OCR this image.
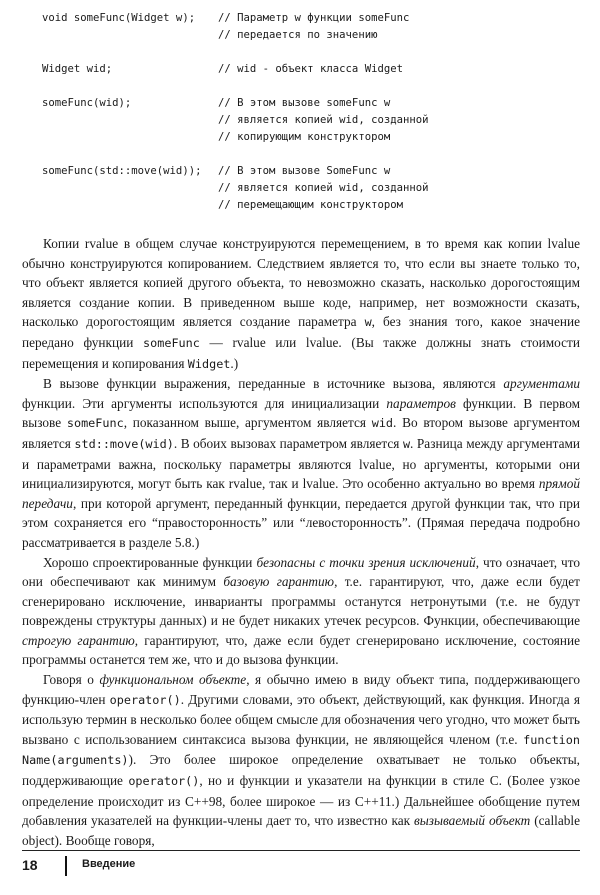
void someFunc(Widget w);	// Параметр w функции someFunc
// передается по значению
Widget wid;	// wid - объект класса Widget
someFunc(wid);	// В этом вызове someFunc w
// является копией wid, созданной
// копирующим конструктором
someFunc(std::move(wid));	// В этом вызове SomeFunc w
// является копией wid, созданной
// перемещающим конструктором

Копии rvalue в общем случае конструируются перемещением, в то время как копии lvalue обычно конструируются копированием. Следствием является то, что если вы знаете только то, что объект является копией другого объекта, то невозможно сказать, насколько дорогостоящим является создание копии. В приведенном выше коде, например, нет возможности сказать, насколько дорогостоящим является создание параметра w, без знания того, какое значение передано функции someFunc — rvalue или lvalue. (Вы также должны знать стоимости перемещения и копирования Widget.)

В вызове функции выражения, переданные в источнике вызова, являются аргументами функции. Эти аргументы используются для инициализации параметров функции. В первом вызове someFunc, показанном выше, аргументом является wid. Во втором вызове аргументом является std::move(wid). В обоих вызовах параметром является w. Разница между аргументами и параметрами важна, поскольку параметры являются lvalue, но аргументы, которыми они инициализируются, могут быть как rvalue, так и lvalue. Это особенно актуально во время прямой передачи, при которой аргумент, переданный функции, передается другой функции так, что при этом сохраняется его “правосторонность” или “левосторонность”. (Прямая передача подробно рассматривается в разделе 5.8.)

Хорошо спроектированные функции безопасны с точки зрения исключений, что означает, что они обеспечивают как минимум базовую гарантию, т.е. гарантируют, что, даже если будет сгенерировано исключение, инварианты программы останутся нетронутыми (т.е. не будут повреждены структуры данных) и не будет никаких утечек ресурсов. Функции, обеспечивающие строгую гарантию, гарантируют, что, даже если будет сгенерировано исключение, состояние программы останется тем же, что и до вызова функции.

Говоря о функциональном объекте, я обычно имею в виду объект типа, поддерживающего функцию-член operator(). Другими словами, это объект, действующий, как функция. Иногда я использую термин в несколько более общем смысле для обозначения чего угодно, что может быть вызвано с использованием синтаксиса вызова функции, не являющейся членом (т.е. function Name(arguments)). Это более широкое определение охватывает не только объекты, поддерживающие operator(), но и функции и указатели на функции в стиле C. (Более узкое определение происходит из C++98, более широкое — из C++11.) Дальнейшее обобщение путем добавления указателей на функции-члены дает то, что известно как вызываемый объект (callable object). Вообще говоря,

18	Введение
